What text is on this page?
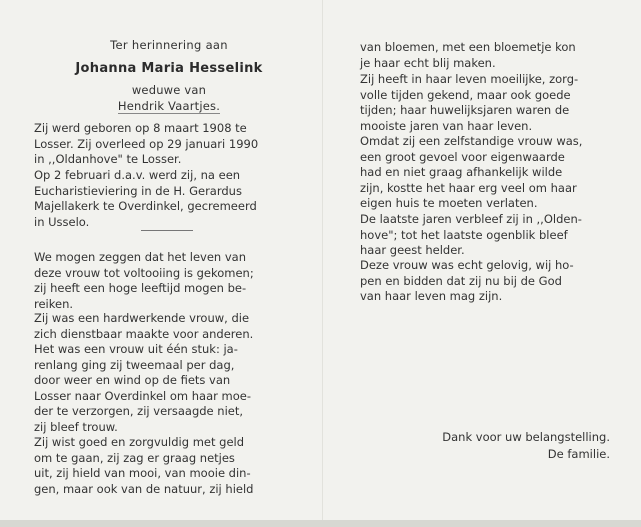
Ter herinnering aan
Johanna Maria Hesselink
weduwe van
Hendrik Vaartjes.

Zij werd geboren op 8 maart 1908 te
Losser. Zij overleed op 29 januari 1990
in ,,Oldanhove" te Losser.

Op 2 februari d.a.v. werd zij, na een
Eucharistieviering in de H. Gerardus
Majellakerk te Overdinkel, gecremeerd
in Usselo.

We mogen zeggen dat het leven van
deze vrouw tot voltooiing is gekomen;
zij heeft een hoge leeftijd mogen be-
reiken.

Zij was een hardwerkende vrouw, die
zich dienstbaar maakte voor anderen.
Het was een vrouw uit één stuk: ja-
renlang ging zij tweemaal per dag,
door weer en wind op de fiets van
Losser naar Overdinkel om haar moe-
der te verzorgen, zij versaagde niet,
zij bleef trouw.

Zij wist goed en zorgvuldig met geld
om te gaan, zij zag er graag netjes
uit, zij hield van mooi, van mooie din-
gen, maar ook van de natuur, zij hield

van bloemen, met een bloemetje kon
je haar echt blij maken.

Zij heeft in haar leven moeilijke, zorg-
volle tijden gekend, maar ook goede
tijden; haar huwelijksjaren waren de
mooiste jaren van haar leven.

Omdat zij een zelfstandige vrouw was,
een groot gevoel voor eigenwaarde
had en niet graag afhankelijk wilde
zijn, kostte het haar erg veel om haar
eigen huis te moeten verlaten.

De laatste jaren verbleef zij in ,,Olden-
hove"; tot het laatste ogenblik bleef
haar geest helder.

Deze vrouw was echt gelovig, wij ho-
pen en bidden dat zij nu bij de God
van haar leven mag zijn.

Dank voor uw belangstelling.
De familie.
